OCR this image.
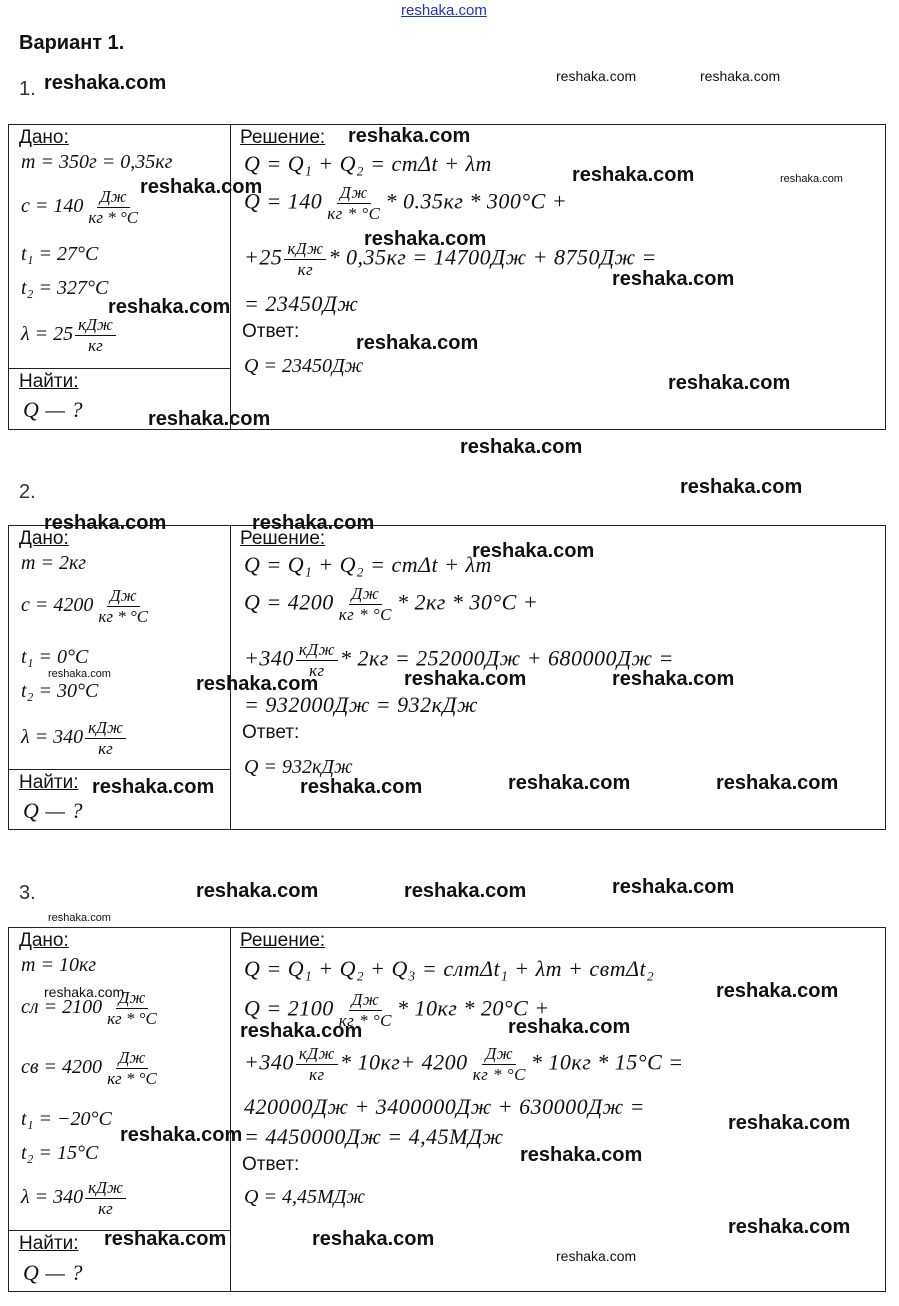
reshaka.com
Вариант 1.
1.
Дано:
m = 350г = 0,35кг
$c = 140 \frac{Дж}{кг * ^\circ С}$
t₁ = 27°С
t₂ = 327°С
$\lambda = 25 \frac{\text{кДж}}{кг}$
Найти:
Q — ?
Решение:
Q = Q₁ + Q₂ = cmΔt + λm
$Q = 140 \frac{Дж}{кг * ^\circ С} * 0.35кг * 300^\circ С$ +
$+25 \frac{\text{кДж}}{кг} * 0,35кг = 14700Дж + 8750Дж$ =
= 23450Дж
Ответ:
Q = 23450Дж
2.
Дано:
m = 2кг
$c = 4200 \frac{Дж}{кг * ^\circ С}$
t₁ = 0°С
t₂ = 30°С
$\lambda = 340 \frac{\text{кДж}}{кг}$
Найти:
Q — ?
Решение:
Q = Q₁ + Q₂ = cmΔt + λm
$Q = 4200 \frac{Дж}{кг * ^\circ С} * 2кг * 30^\circ С$ +
$+340 \frac{\text{кДж}}{кг} * 2кг = 252000Дж + 680000Дж$ =
= 932000Дж = 932кДж
Ответ:
Q = 932кДж
3.
Дано:
m = 10кг
cл = $2100 \frac{Дж}{кг * ^\circ С}$
cв = $4200 \frac{Дж}{кг * ^\circ С}$
t₁ = −20°С
t₂ = 15°С
$\lambda = 340 \frac{\text{кДж}}{кг}$
Найти:
Q — ?
Решение:
Q = Q₁ + Q₂ + Q₃ = cлmΔt₁ + λm + cвmΔt₂
$Q = 2100 \frac{Дж}{кг * ^\circ С} * 10кг * 20^\circ С$ +
$+340 \frac{\text{кДж}}{кг} * 10кг+ 4200 \frac{Дж}{кг * ^\circ С} * 10кг * 15^\circ С$ =
420000Дж + 3400000Дж + 630000Дж =
= 4450000Дж = 4,45МДж
Ответ:
Q = 4,45МДж
reshaka.com	reshaka.com	reshaka.com
reshaka.com
reshaka.com
reshaka.com	reshaka.com
reshaka.com
reshaka.com
reshaka.com
reshaka.com
reshaka.com
reshaka.com
reshaka.com
reshaka.com
reshaka.com	reshaka.com
reshaka.com
reshaka.com	reshaka.com	reshaka.com	reshaka.com
reshaka.com	reshaka.com	reshaka.com	reshaka.com
reshaka.com	reshaka.com	reshaka.com
reshaka.com
reshaka.com	reshaka.com
reshaka.com	reshaka.com
reshaka.com
reshaka.com
reshaka.com
reshaka.com
reshaka.com	reshaka.com
reshaka.com
